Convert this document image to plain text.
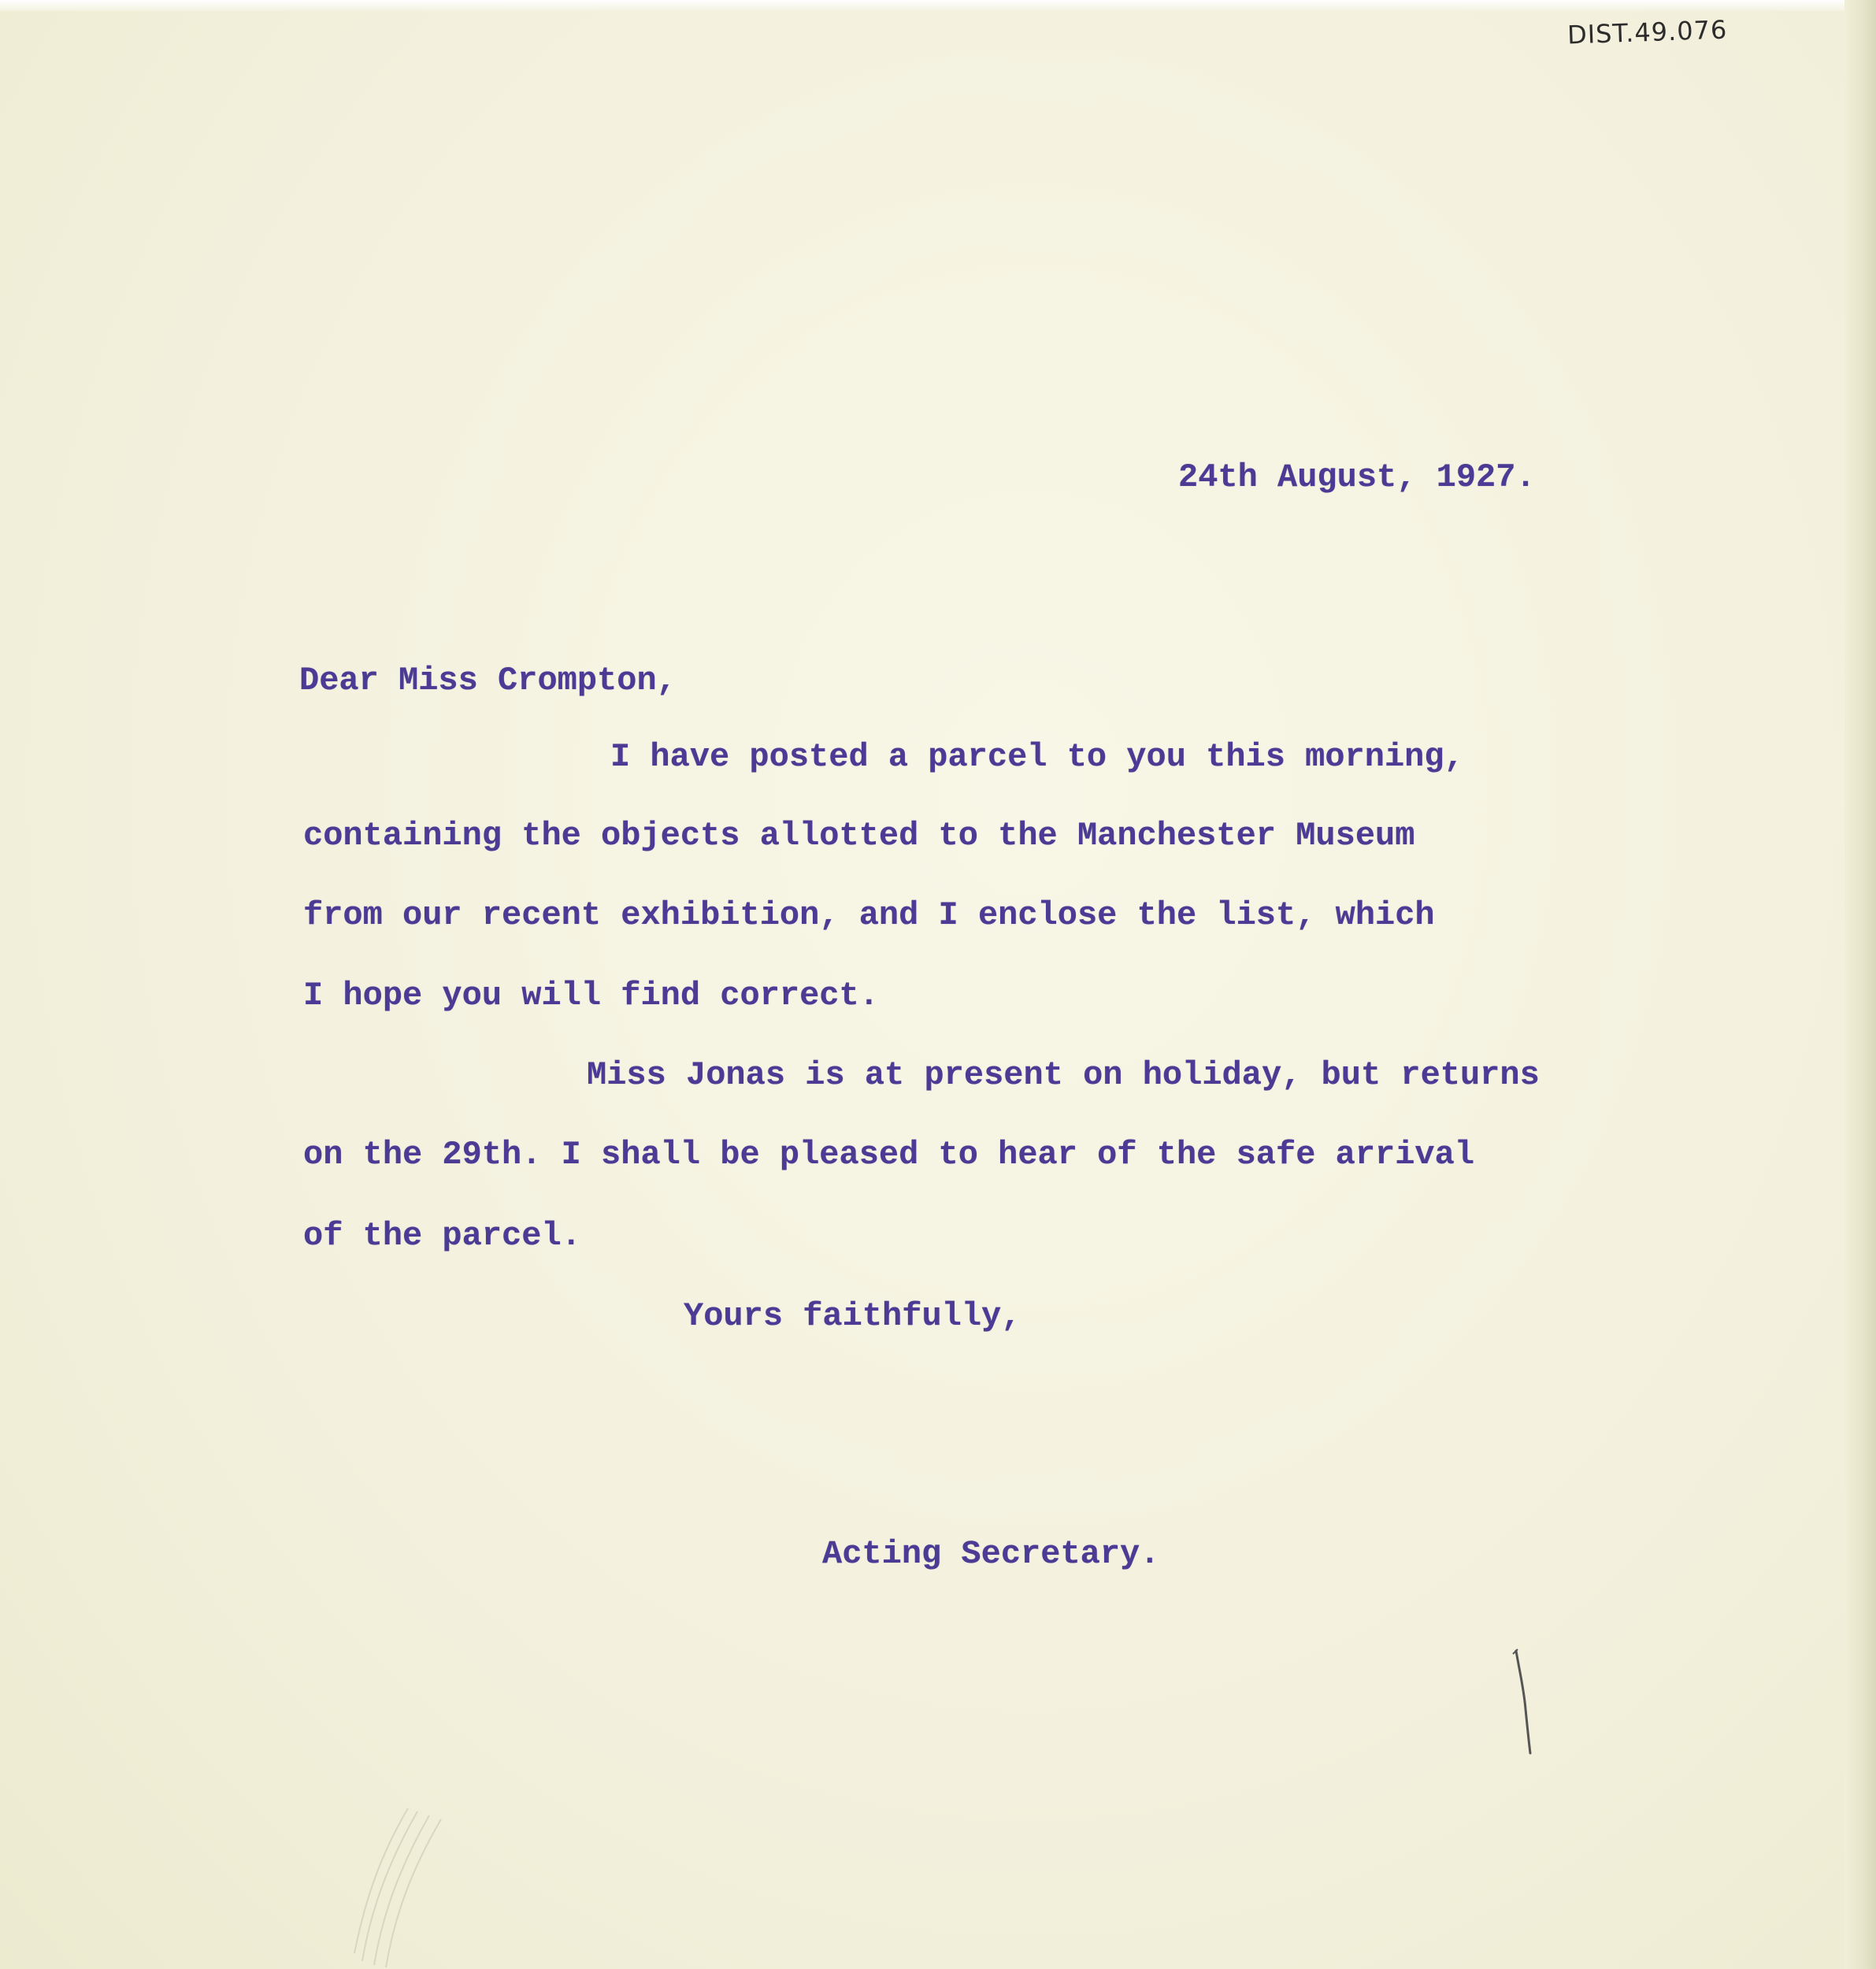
DIST.49.076
24th August, 1927.
Dear Miss Crompton,
I have posted a parcel to you this morning,
containing the objects allotted to the Manchester Museum
from our recent exhibition, and I enclose the list, which
I hope you will find correct.
Miss Jonas is at present on holiday, but returns
on the 29th. I shall be pleased to hear of the safe arrival
of the parcel.
Yours faithfully,
Acting Secretary.
